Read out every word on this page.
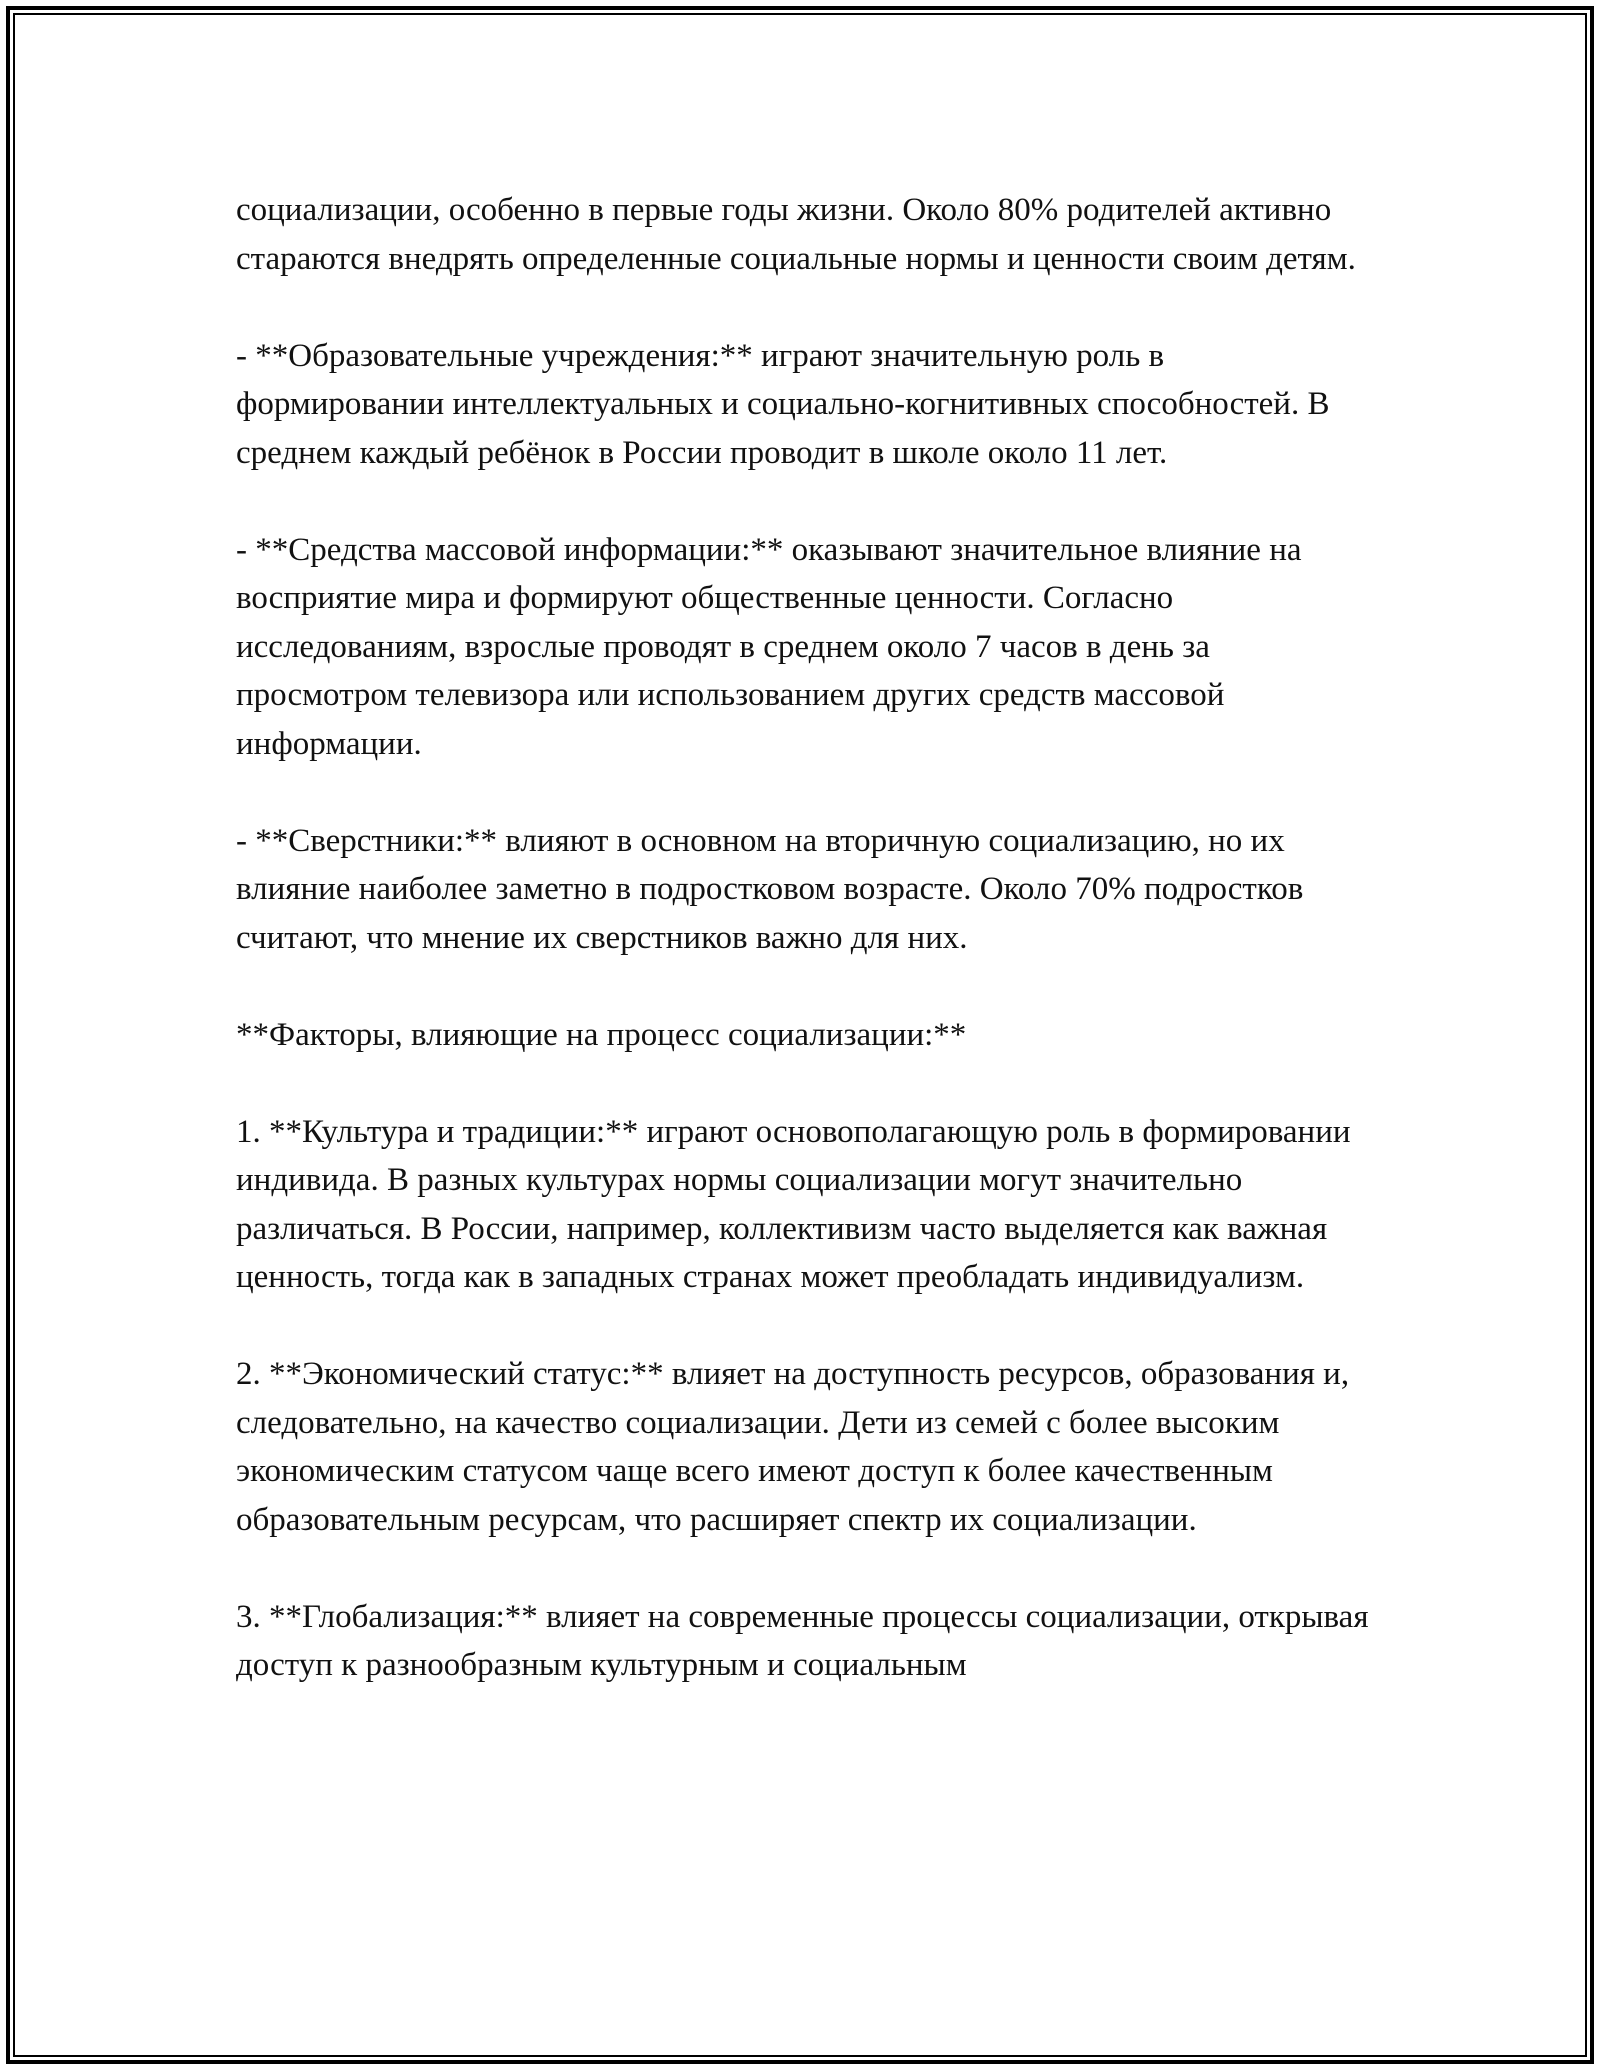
социализации, особенно в первые годы жизни. Около 80% родителей активно стараются внедрять определенные социальные нормы и ценности своим детям.

- **Образовательные учреждения:** играют значительную роль в формировании интеллектуальных и социально-когнитивных способностей. В среднем каждый ребёнок в России проводит в школе около 11 лет.

- **Средства массовой информации:** оказывают значительное влияние на восприятие мира и формируют общественные ценности. Согласно исследованиям, взрослые проводят в среднем около 7 часов в день за просмотром телевизора или использованием других средств массовой информации.

- **Сверстники:** влияют в основном на вторичную социализацию, но их влияние наиболее заметно в подростковом возрасте. Около 70% подростков считают, что мнение их сверстников важно для них.

**Факторы, влияющие на процесс социализации:**

1. **Культура и традиции:** играют основополагающую роль в формировании индивида. В разных культурах нормы социализации могут значительно различаться. В России, например, коллективизм часто выделяется как важная ценность, тогда как в западных странах может преобладать индивидуализм.

2. **Экономический статус:** влияет на доступность ресурсов, образования и, следовательно, на качество социализации. Дети из семей с более высоким экономическим статусом чаще всего имеют доступ к более качественным образовательным ресурсам, что расширяет спектр их социализации.

3. **Глобализация:** влияет на современные процессы социализации, открывая доступ к разнообразным культурным и социальным
